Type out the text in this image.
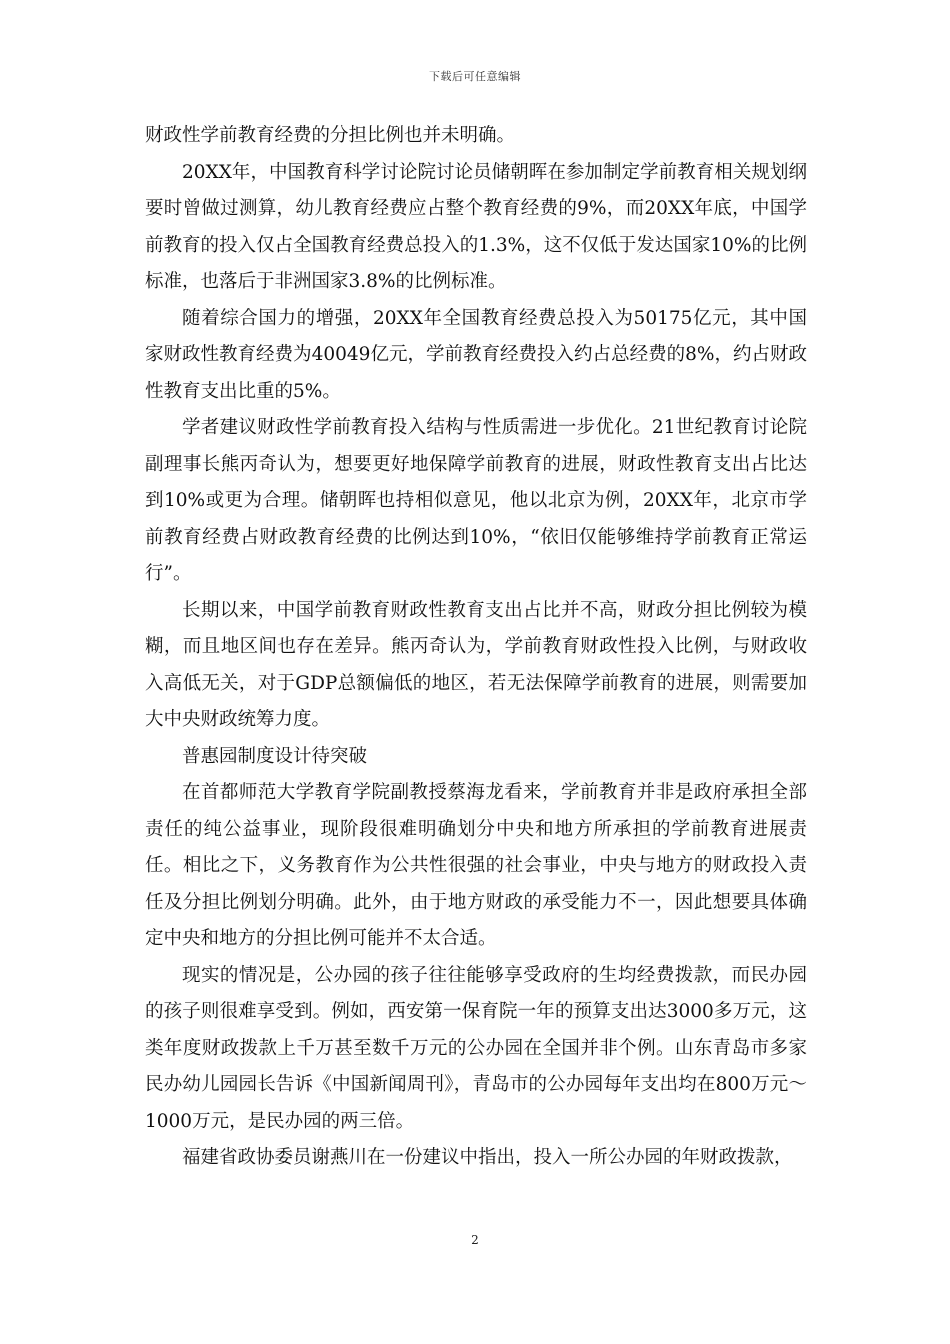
下载后可任意编辑

财政性学前教育经费的分担比例也并未明确。

20XX年，中国教育科学讨论院讨论员储朝晖在参加制定学前教育相关规划纲要时曾做过测算，幼儿教育经费应占整个教育经费的9%，而20XX年底，中国学前教育的投入仅占全国教育经费总投入的1.3%，这不仅低于发达国家10%的比例标准，也落后于非洲国家3.8%的比例标准。

随着综合国力的增强，20XX年全国教育经费总投入为50175亿元，其中国家财政性教育经费为40049亿元，学前教育经费投入约占总经费的8%，约占财政性教育支出比重的5%。

学者建议财政性学前教育投入结构与性质需进一步优化。21世纪教育讨论院副理事长熊丙奇认为，想要更好地保障学前教育的进展，财政性教育支出占比达到10%或更为合理。储朝晖也持相似意见，他以北京为例，20XX年，北京市学前教育经费占财政教育经费的比例达到10%，“依旧仅能够维持学前教育正常运行”。

长期以来，中国学前教育财政性教育支出占比并不高，财政分担比例较为模糊，而且地区间也存在差异。熊丙奇认为，学前教育财政性投入比例，与财政收入高低无关，对于GDP总额偏低的地区，若无法保障学前教育的进展，则需要加大中央财政统筹力度。

普惠园制度设计待突破

在首都师范大学教育学院副教授蔡海龙看来，学前教育并非是政府承担全部责任的纯公益事业，现阶段很难明确划分中央和地方所承担的学前教育进展责任。相比之下，义务教育作为公共性很强的社会事业，中央与地方的财政投入责任及分担比例划分明确。此外，由于地方财政的承受能力不一，因此想要具体确定中央和地方的分担比例可能并不太合适。

现实的情况是，公办园的孩子往往能够享受政府的生均经费拨款，而民办园的孩子则很难享受到。例如，西安第一保育院一年的预算支出达3000多万元，这类年度财政拨款上千万甚至数千万元的公办园在全国并非个例。山东青岛市多家民办幼儿园园长告诉《中国新闻周刊》，青岛市的公办园每年支出均在800万元～1000万元，是民办园的两三倍。

福建省政协委员谢燕川在一份建议中指出，投入一所公办园的年财政拨款，

2
